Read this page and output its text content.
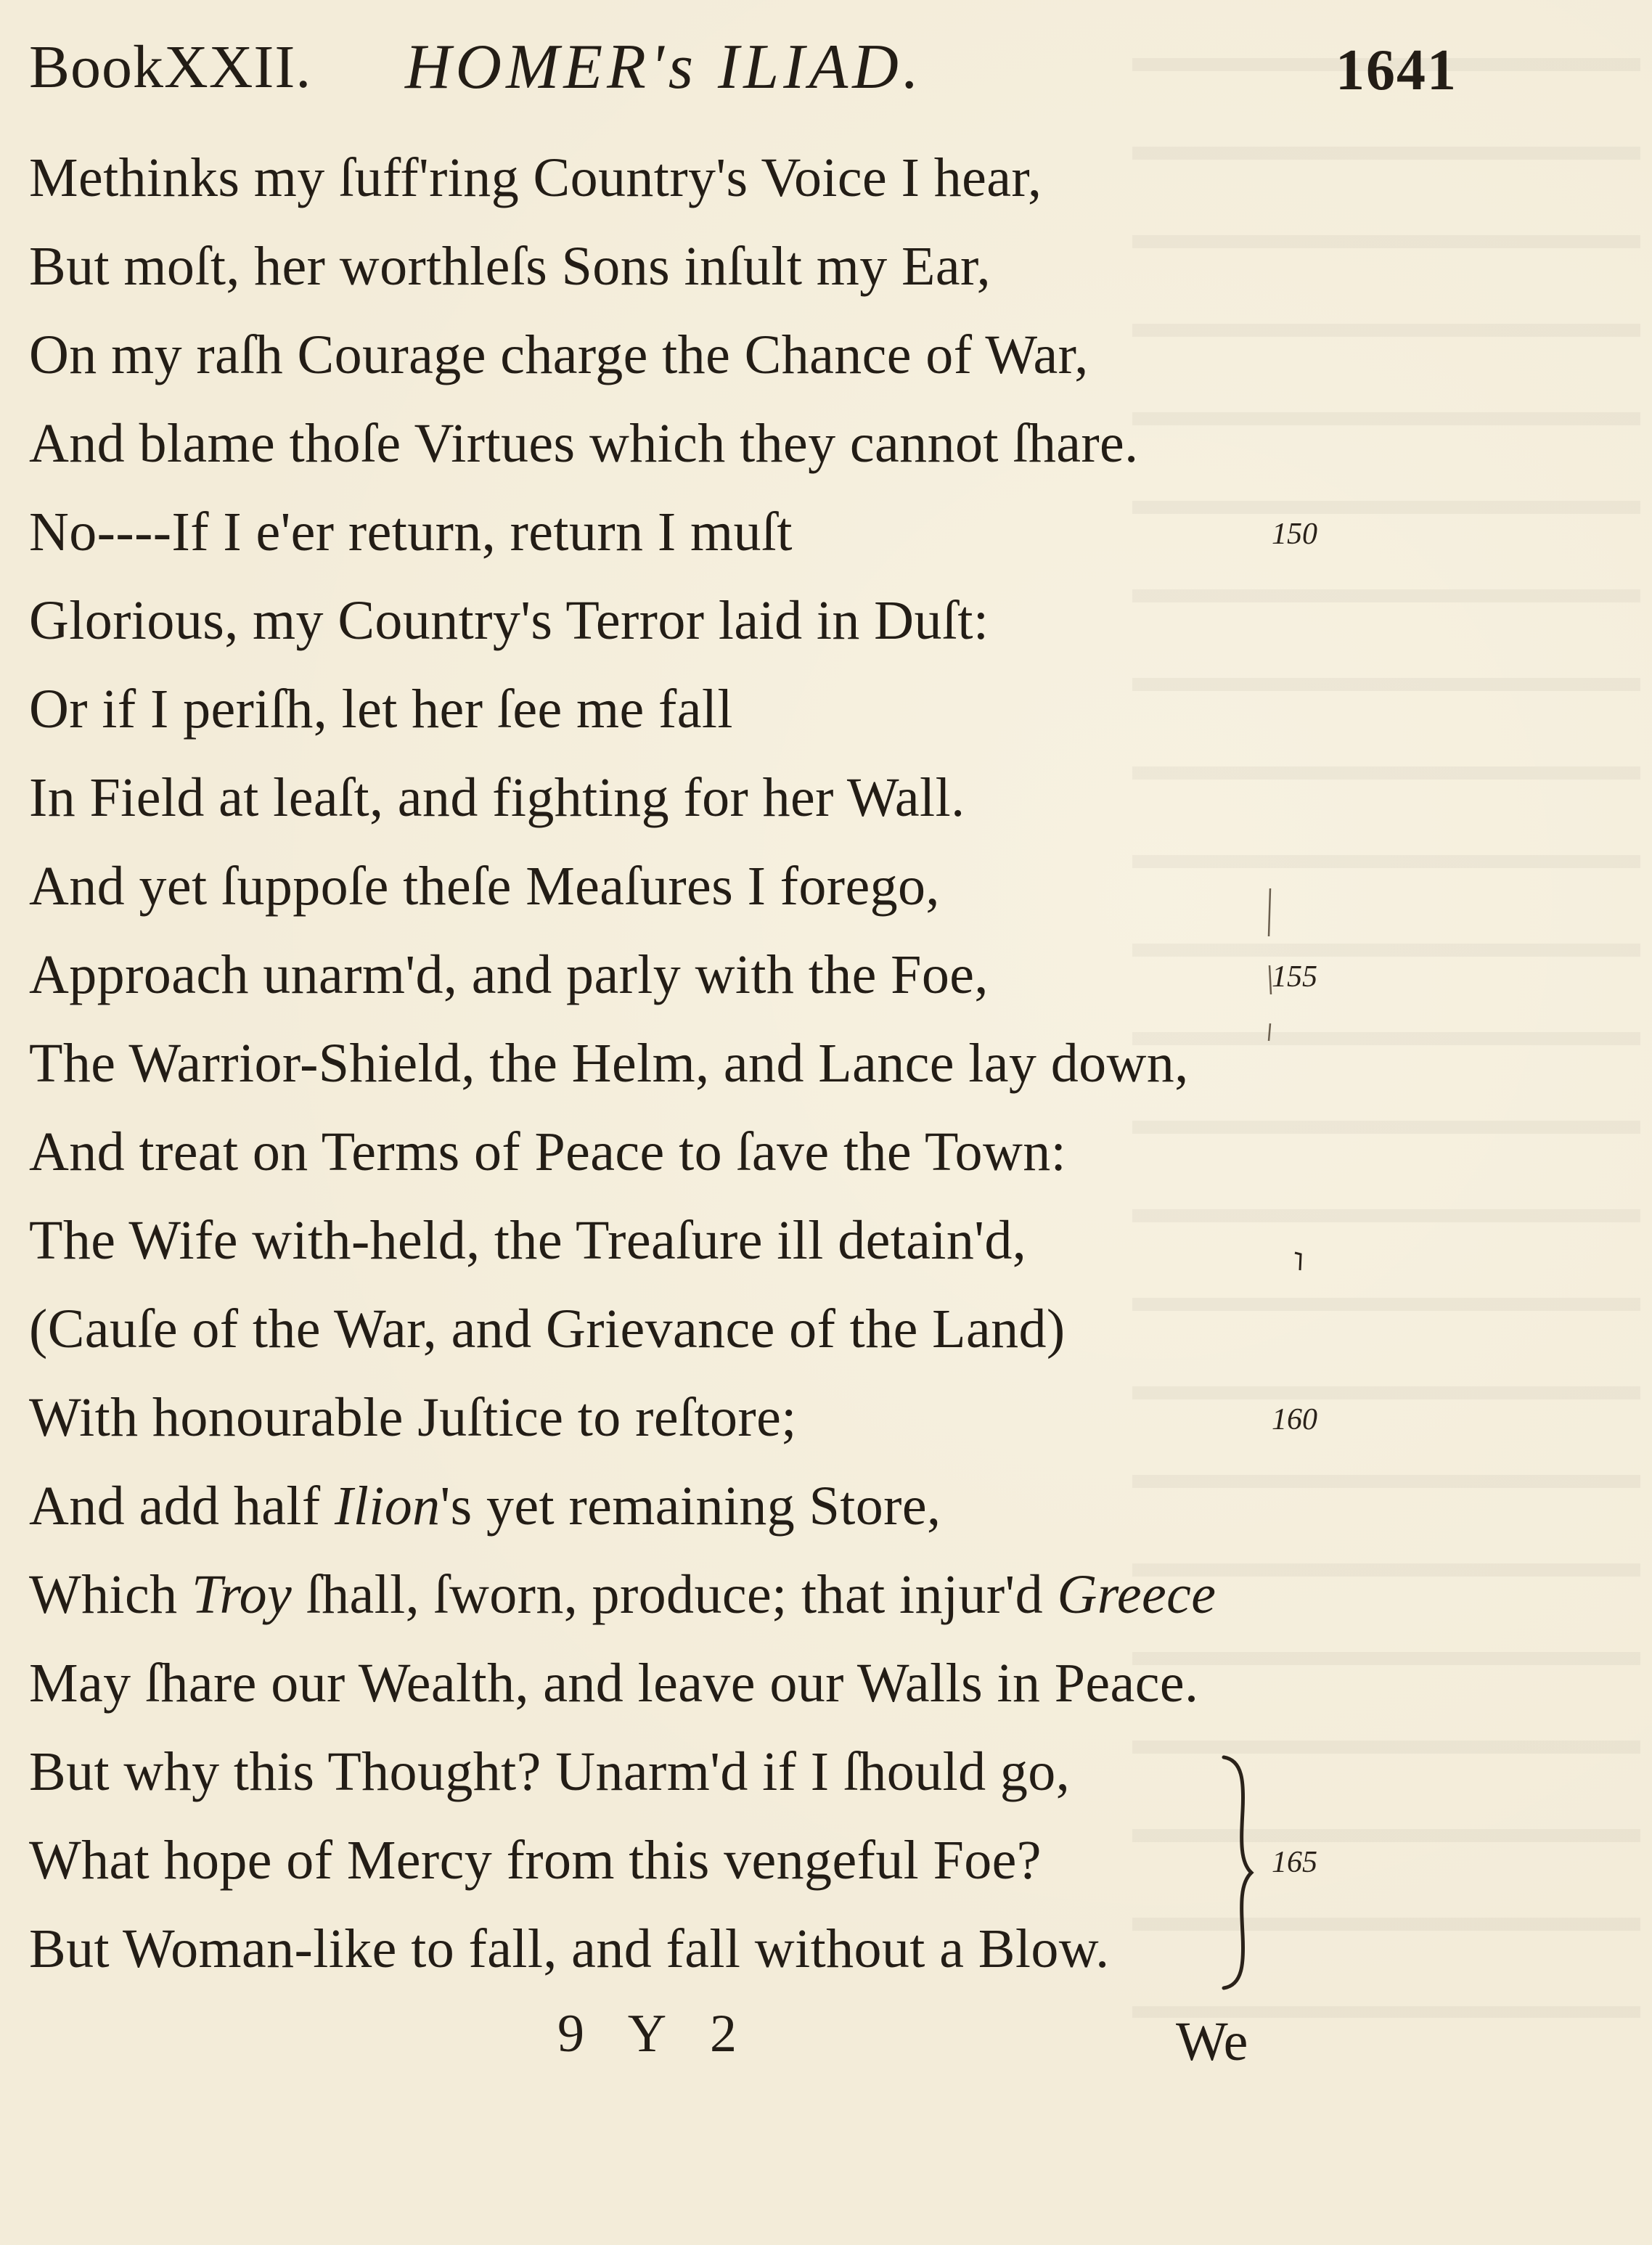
BookXXII. HOMER's ILIAD.	1641
Methinks my ſuff'ring Country's Voice I hear,
But moſt, her worthleſs Sons inſult my Ear,
On my raſh Courage charge the Chance of War,
And blame thoſe Virtues which they cannot ſhare.
No----If I e'er return, return I muſt	150
Glorious, my Country's Terror laid in Duſt:
Or if I periſh, let her ſee me fall
In Field at leaſt, and fighting for her Wall.
And yet ſuppoſe theſe Meaſures I forego,
Approach unarm'd, and parly with the Foe,	155
The Warrior-Shield, the Helm, and Lance lay down,
And treat on Terms of Peace to ſave the Town:
The Wife with-held, the Treaſure ill detain'd,
(Cauſe of the War, and Grievance of the Land)
With honourable Juſtice to reſtore;	160
And add half Ilion's yet remaining Store,
Which Troy ſhall, ſworn, produce; that injur'd Greece
May ſhare our Wealth, and leave our Walls in Peace.
But why this Thought? Unarm'd if I ſhould go,
What hope of Mercy from this vengeful Foe?	165
But Woman-like to fall, and fall without a Blow.
9 Y 2	We
